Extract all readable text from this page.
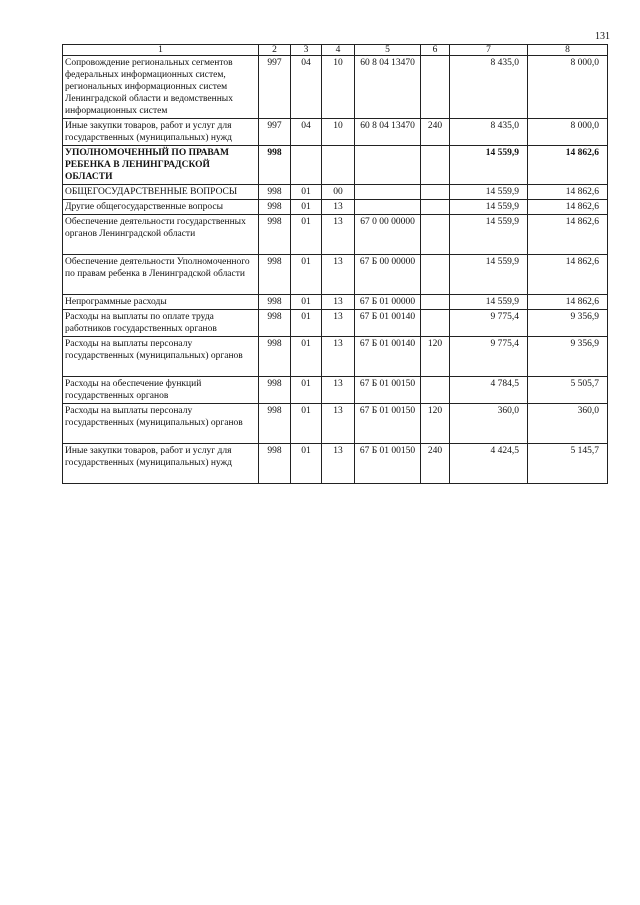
131
1	2	3	4	5	6	7	8
Сопровождение региональных сегментов федеральных информационных систем, региональных информационных систем Ленинградской области и ведомственных информационных систем	997	04	10	60 8 04 13470		8 435,0	8 000,0
Иные закупки товаров, работ и услуг для государственных (муниципальных) нужд	997	04	10	60 8 04 13470	240	8 435,0	8 000,0
УПОЛНОМОЧЕННЫЙ ПО ПРАВАМ РЕБЕНКА В ЛЕНИНГРАДСКОЙ ОБЛАСТИ	998					14 559,9	14 862,6
ОБЩЕГОСУДАРСТВЕННЫЕ ВОПРОСЫ	998	01	00			14 559,9	14 862,6
Другие общегосударственные вопросы	998	01	13			14 559,9	14 862,6
Обеспечение деятельности государственных органов Ленинградской области	998	01	13	67 0 00 00000		14 559,9	14 862,6
Обеспечение деятельности Уполномоченного по правам ребенка в Ленинградской области	998	01	13	67 Б 00 00000		14 559,9	14 862,6
Непрограммные расходы	998	01	13	67 Б 01 00000		14 559,9	14 862,6
Расходы на выплаты по оплате труда работников государственных органов	998	01	13	67 Б 01 00140		9 775,4	9 356,9
Расходы на выплаты персоналу государственных (муниципальных) органов	998	01	13	67 Б 01 00140	120	9 775,4	9 356,9
Расходы на обеспечение функций государственных органов	998	01	13	67 Б 01 00150		4 784,5	5 505,7
Расходы на выплаты персоналу государственных (муниципальных) органов	998	01	13	67 Б 01 00150	120	360,0	360,0
Иные закупки товаров, работ и услуг для государственных (муниципальных) нужд	998	01	13	67 Б 01 00150	240	4 424,5	5 145,7
